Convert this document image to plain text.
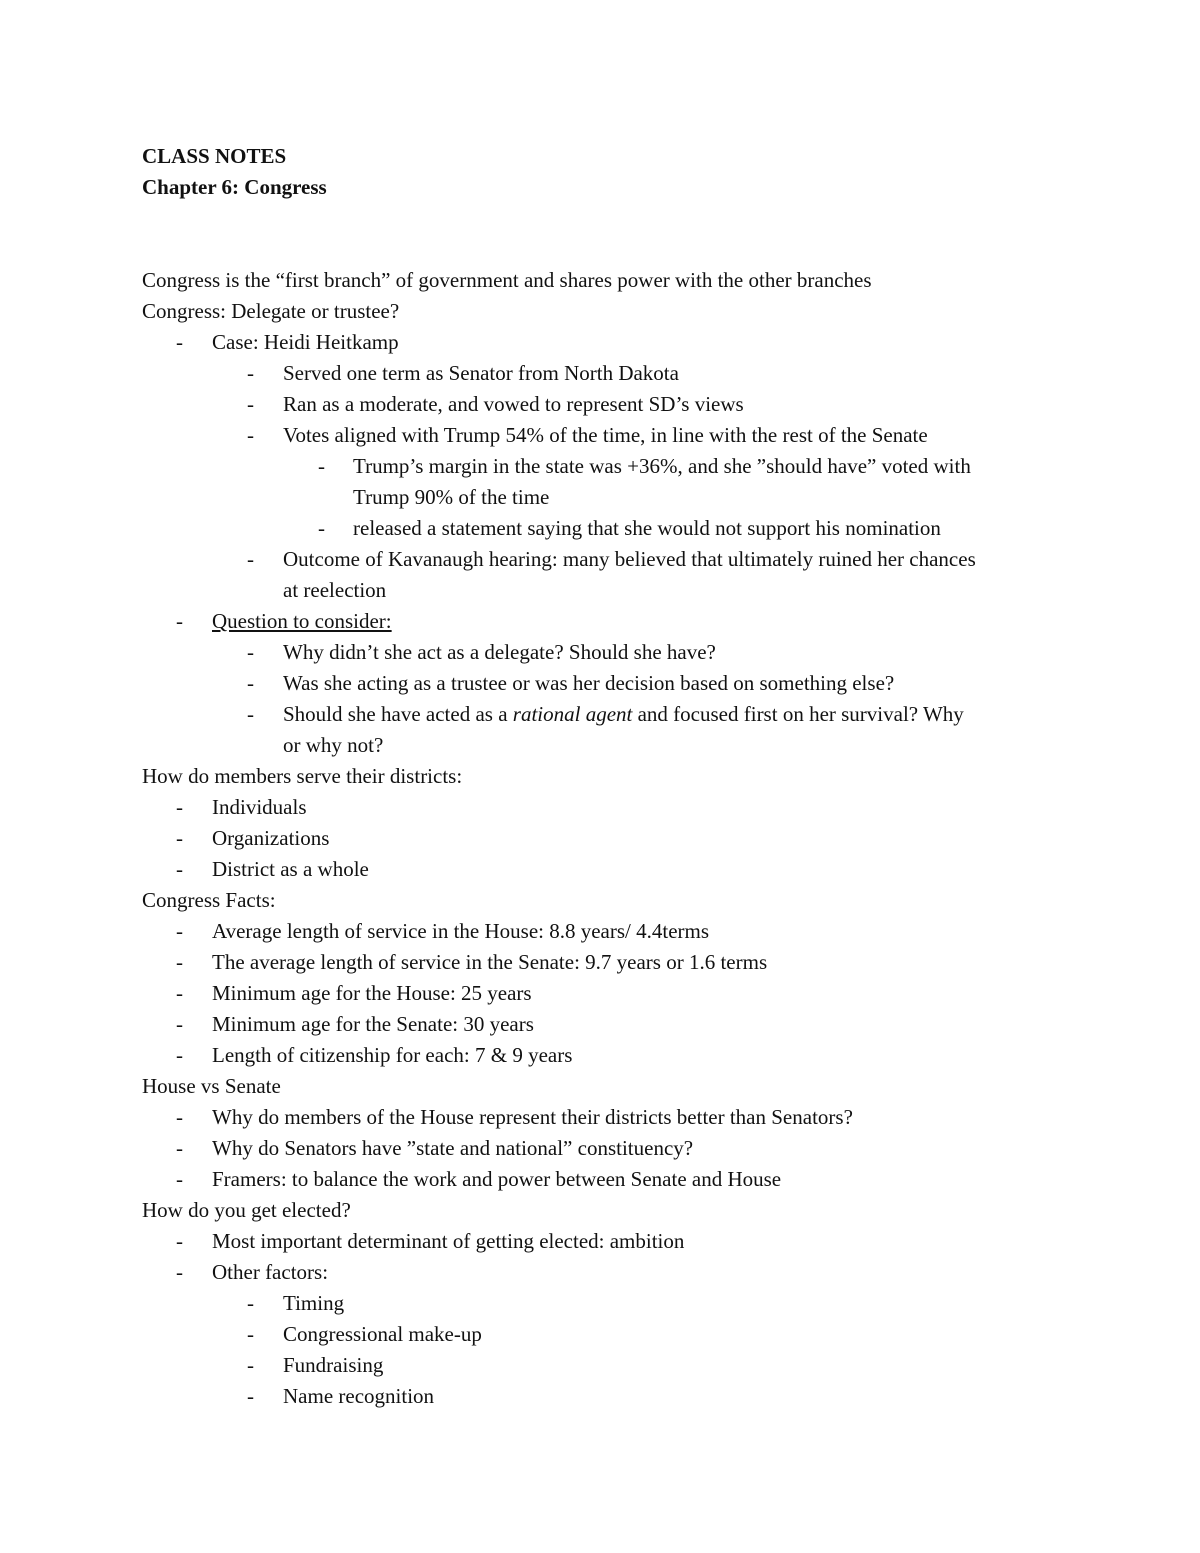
CLASS NOTES
Chapter 6: Congress
Congress is the “first branch” of government and shares power with the other branches
Congress: Delegate or trustee?
- Case: Heidi Heitkamp
- Served one term as Senator from North Dakota
- Ran as a moderate, and vowed to represent SD’s views
- Votes aligned with Trump 54% of the time, in line with the rest of the Senate
- Trump’s margin in the state was +36%, and she ”should have” voted with
Trump 90% of the time
- released a statement saying that she would not support his nomination
- Outcome of Kavanaugh hearing: many believed that ultimately ruined her chances
at reelection
- Question to consider:
- Why didn’t she act as a delegate? Should she have?
- Was she acting as a trustee or was her decision based on something else?
- Should she have acted as a rational agent and focused first on her survival? Why
or why not?
How do members serve their districts:
- Individuals
- Organizations
- District as a whole
Congress Facts:
- Average length of service in the House: 8.8 years/ 4.4terms
- The average length of service in the Senate: 9.7 years or 1.6 terms
- Minimum age for the House: 25 years
- Minimum age for the Senate: 30 years
- Length of citizenship for each: 7 & 9 years
House vs Senate
- Why do members of the House represent their districts better than Senators?
- Why do Senators have ”state and national” constituency?
- Framers: to balance the work and power between Senate and House
How do you get elected?
- Most important determinant of getting elected: ambition
- Other factors:
- Timing
- Congressional make-up
- Fundraising
- Name recognition
